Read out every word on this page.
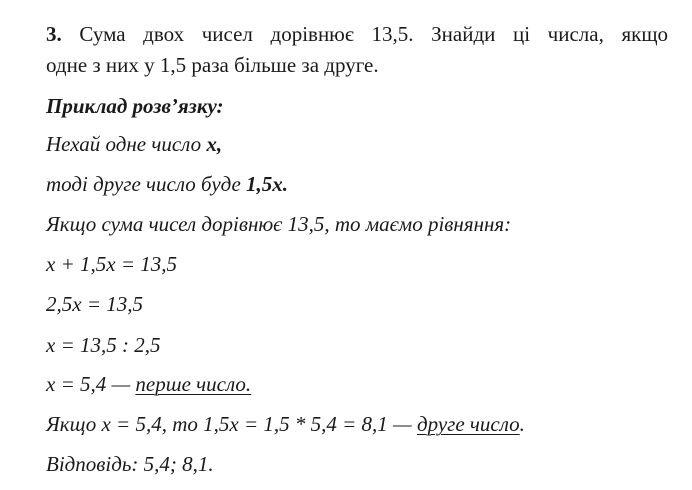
3. Сума двох чисел дорівнює 13,5. Знайди ці числа, якщо
одне з них у 1,5 раза більше за друге.
Приклад розв’язку:
Нехай одне число x,
тоді друге число буде 1,5x.
Якщо сума чисел дорівнює 13,5, то маємо рівняння:
x + 1,5x = 13,5
2,5x = 13,5
x = 13,5 : 2,5
x = 5,4 — перше число.
Якщо x = 5,4, то 1,5x = 1,5 * 5,4 = 8,1 — друге число.
Відповідь: 5,4; 8,1.
